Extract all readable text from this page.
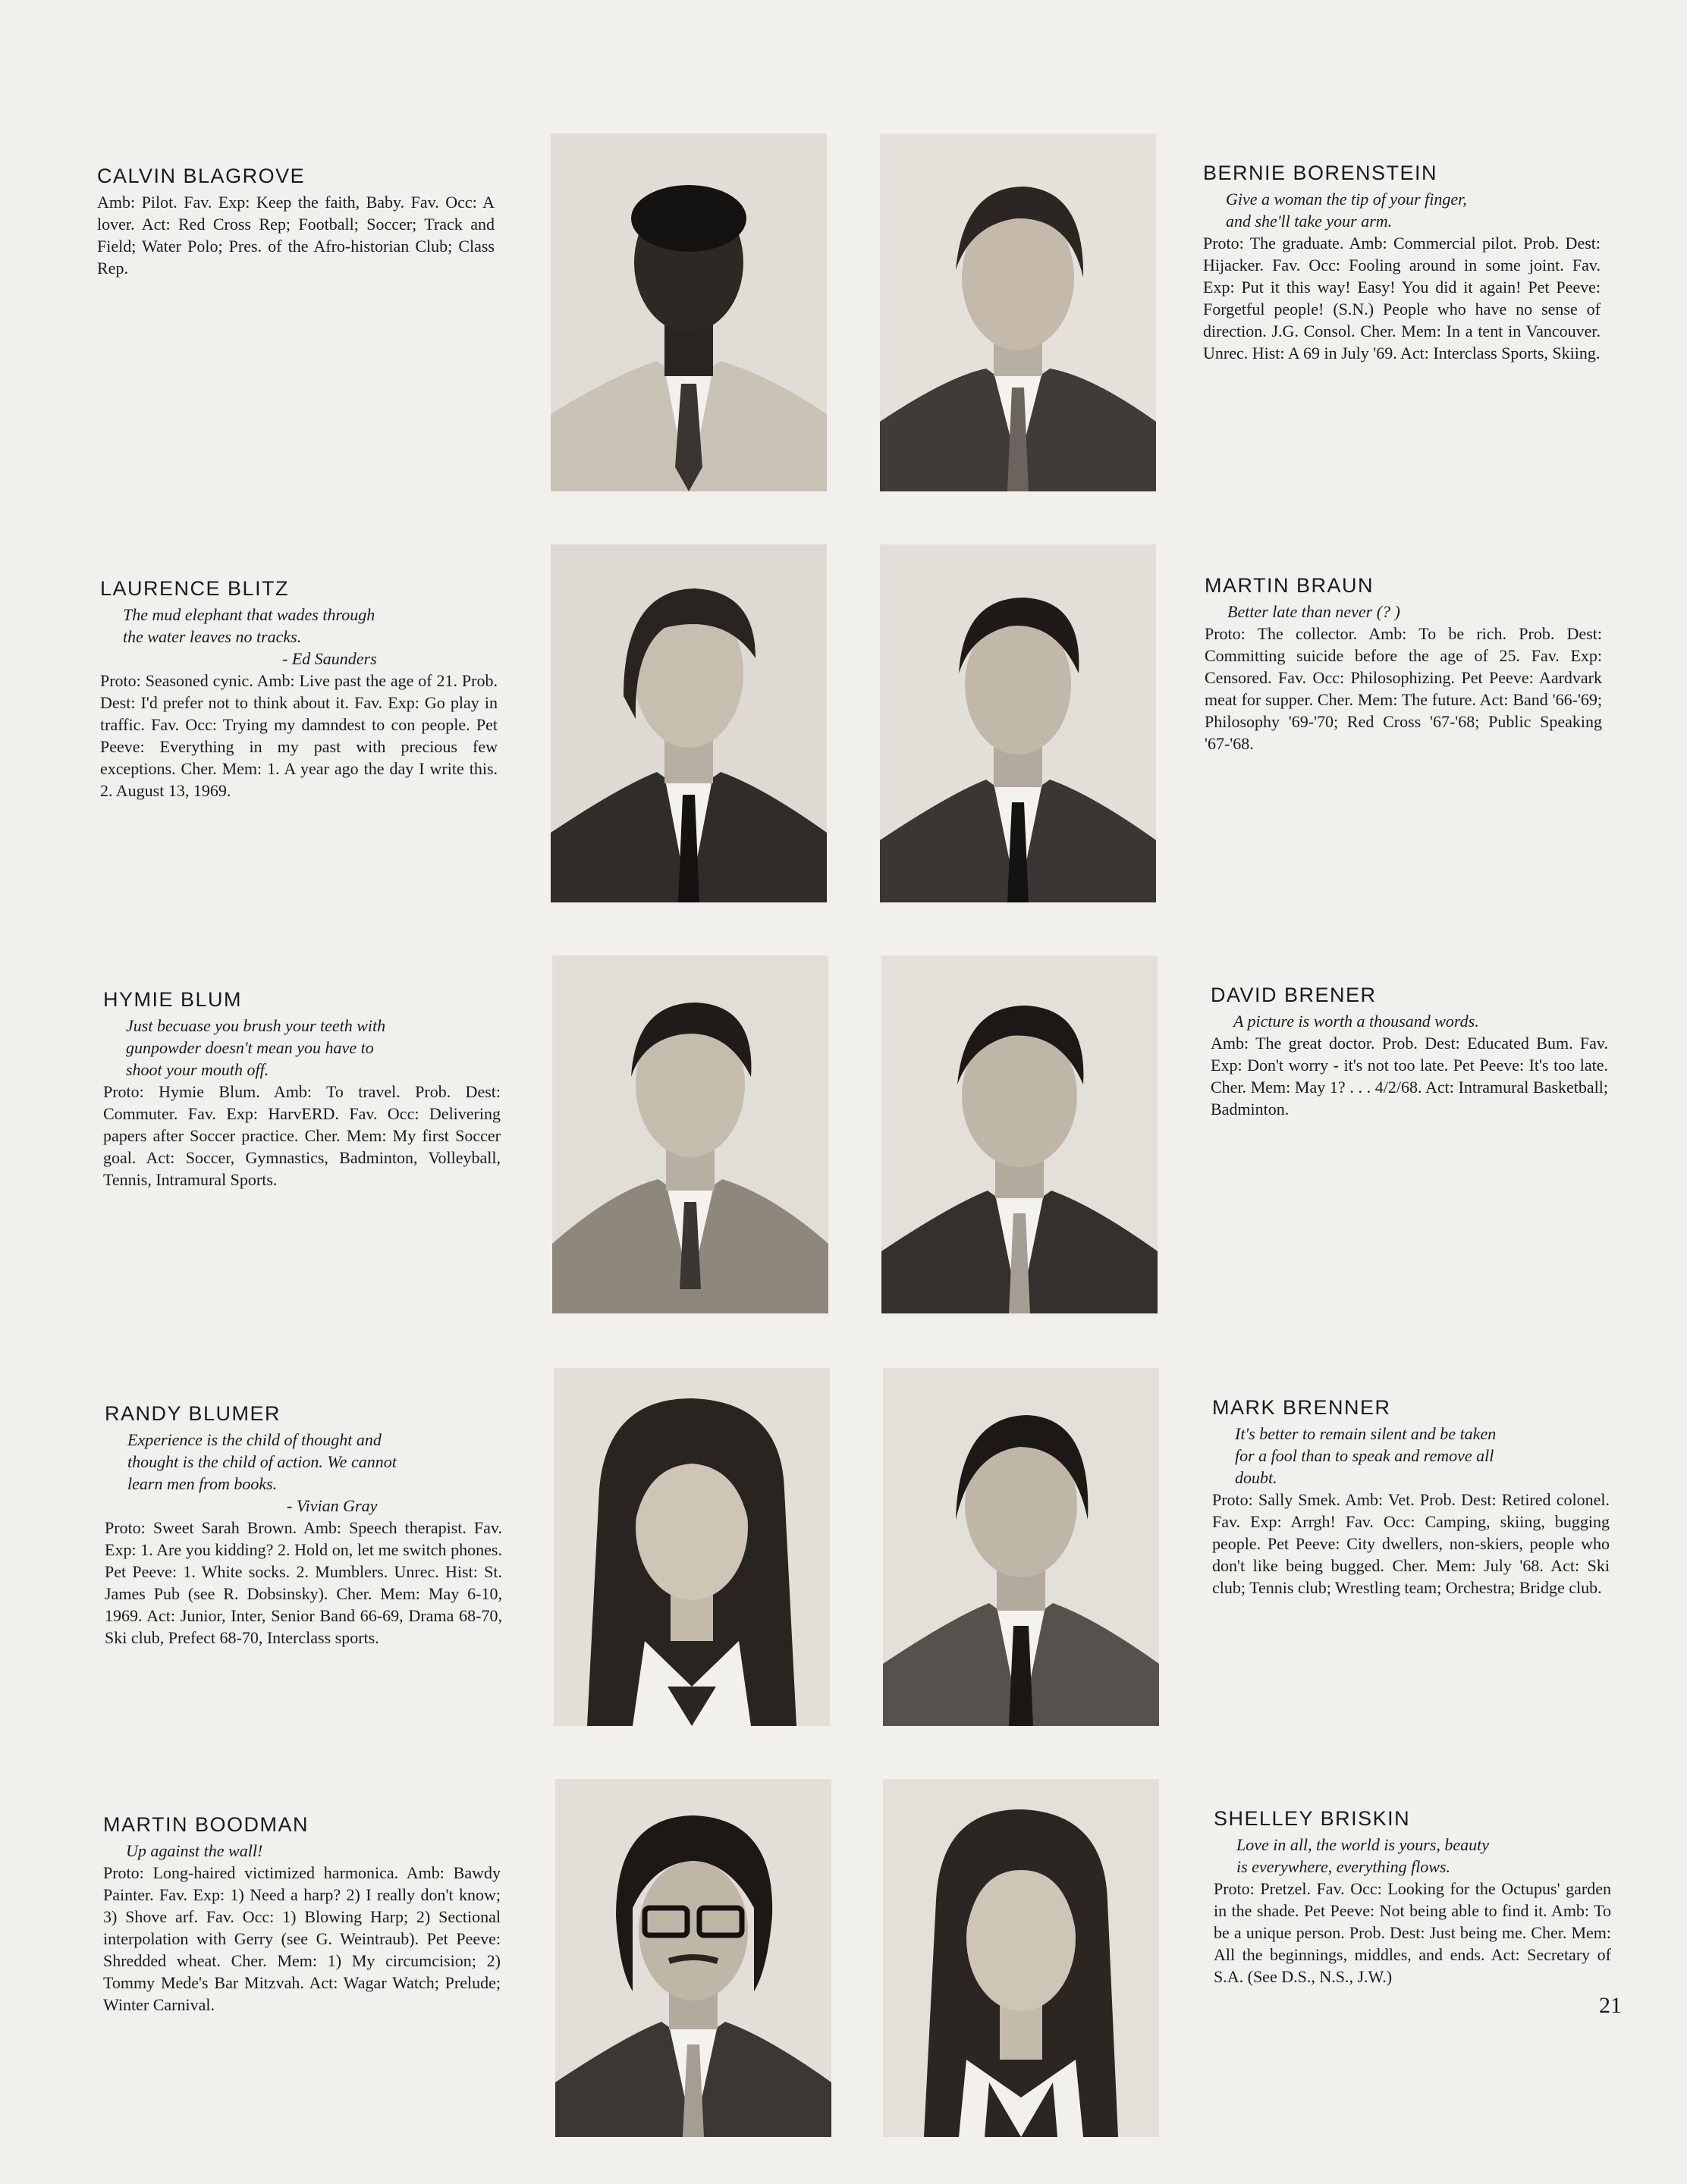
CALVIN BLAGROVE
Amb: Pilot. Fav. Exp: Keep the faith, Baby. Fav. Occ: A lover. Act: Red Cross Rep; Football; Soccer; Track and Field; Water Polo; Pres. of the Afro-historian Club; Class Rep.
BERNIE BORENSTEIN
Give a woman the tip of your finger,
and she'll take your arm.
Proto: The graduate. Amb: Commercial pilot. Prob. Dest: Hijacker. Fav. Occ: Fooling around in some joint. Fav. Exp: Put it this way! Easy! You did it again! Pet Peeve: Forgetful people! (S.N.) People who have no sense of direction. J.G. Consol. Cher. Mem: In a tent in Vancouver. Unrec. Hist: A 69 in July '69. Act: Interclass Sports, Skiing.
LAURENCE BLITZ
The mud elephant that wades through
the water leaves no tracks.
- Ed Saunders
Proto: Seasoned cynic. Amb: Live past the age of 21. Prob. Dest: I'd prefer not to think about it. Fav. Exp: Go play in traffic. Fav. Occ: Trying my damndest to con people. Pet Peeve: Everything in my past with precious few exceptions. Cher. Mem: 1. A year ago the day I write this. 2. August 13, 1969.
MARTIN BRAUN
Better late than never (? )
Proto: The collector. Amb: To be rich. Prob. Dest: Committing suicide before the age of 25. Fav. Exp: Censored. Fav. Occ: Philosophizing. Pet Peeve: Aardvark meat for supper. Cher. Mem: The future. Act: Band '66-'69; Philosophy '69-'70; Red Cross '67-'68; Public Speaking '67-'68.
HYMIE BLUM
Just becuase you brush your teeth with
gunpowder doesn't mean you have to
shoot your mouth off.
Proto: Hymie Blum. Amb: To travel. Prob. Dest: Commuter. Fav. Exp: HarvERD. Fav. Occ: Delivering papers after Soccer practice. Cher. Mem: My first Soccer goal. Act: Soccer, Gymnastics, Badminton, Volleyball, Tennis, Intramural Sports.
DAVID BRENER
A picture is worth a thousand words.
Amb: The great doctor. Prob. Dest: Educated Bum. Fav. Exp: Don't worry - it's not too late. Pet Peeve: It's too late. Cher. Mem: May 1? . . . 4/2/68. Act: Intramural Basketball; Badminton.
RANDY BLUMER
Experience is the child of thought and
thought is the child of action. We cannot
learn men from books.
- Vivian Gray
Proto: Sweet Sarah Brown. Amb: Speech therapist. Fav. Exp: 1. Are you kidding? 2. Hold on, let me switch phones. Pet Peeve: 1. White socks. 2. Mumblers. Unrec. Hist: St. James Pub (see R. Dobsinsky). Cher. Mem: May 6-10, 1969. Act: Junior, Inter, Senior Band 66-69, Drama 68-70, Ski club, Prefect 68-70, Interclass sports.
MARK BRENNER
It's better to remain silent and be taken
for a fool than to speak and remove all
doubt.
Proto: Sally Smek. Amb: Vet. Prob. Dest: Retired colonel. Fav. Exp: Arrgh! Fav. Occ: Camping, skiing, bugging people. Pet Peeve: City dwellers, non-skiers, people who don't like being bugged. Cher. Mem: July '68. Act: Ski club; Tennis club; Wrestling team; Orchestra; Bridge club.
MARTIN BOODMAN
Up against the wall!
Proto: Long-haired victimized harmonica. Amb: Bawdy Painter. Fav. Exp: 1) Need a harp? 2) I really don't know; 3) Shove arf. Fav. Occ: 1) Blowing Harp; 2) Sectional interpolation with Gerry (see G. Weintraub). Pet Peeve: Shredded wheat. Cher. Mem: 1) My circumcision; 2) Tommy Mede's Bar Mitzvah. Act: Wagar Watch; Prelude; Winter Carnival.
SHELLEY BRISKIN
Love in all, the world is yours, beauty
is everywhere, everything flows.
Proto: Pretzel. Fav. Occ: Looking for the Octupus' garden in the shade. Pet Peeve: Not being able to find it. Amb: To be a unique person. Prob. Dest: Just being me. Cher. Mem: All the beginnings, middles, and ends. Act: Secretary of S.A. (See D.S., N.S., J.W.)
21
